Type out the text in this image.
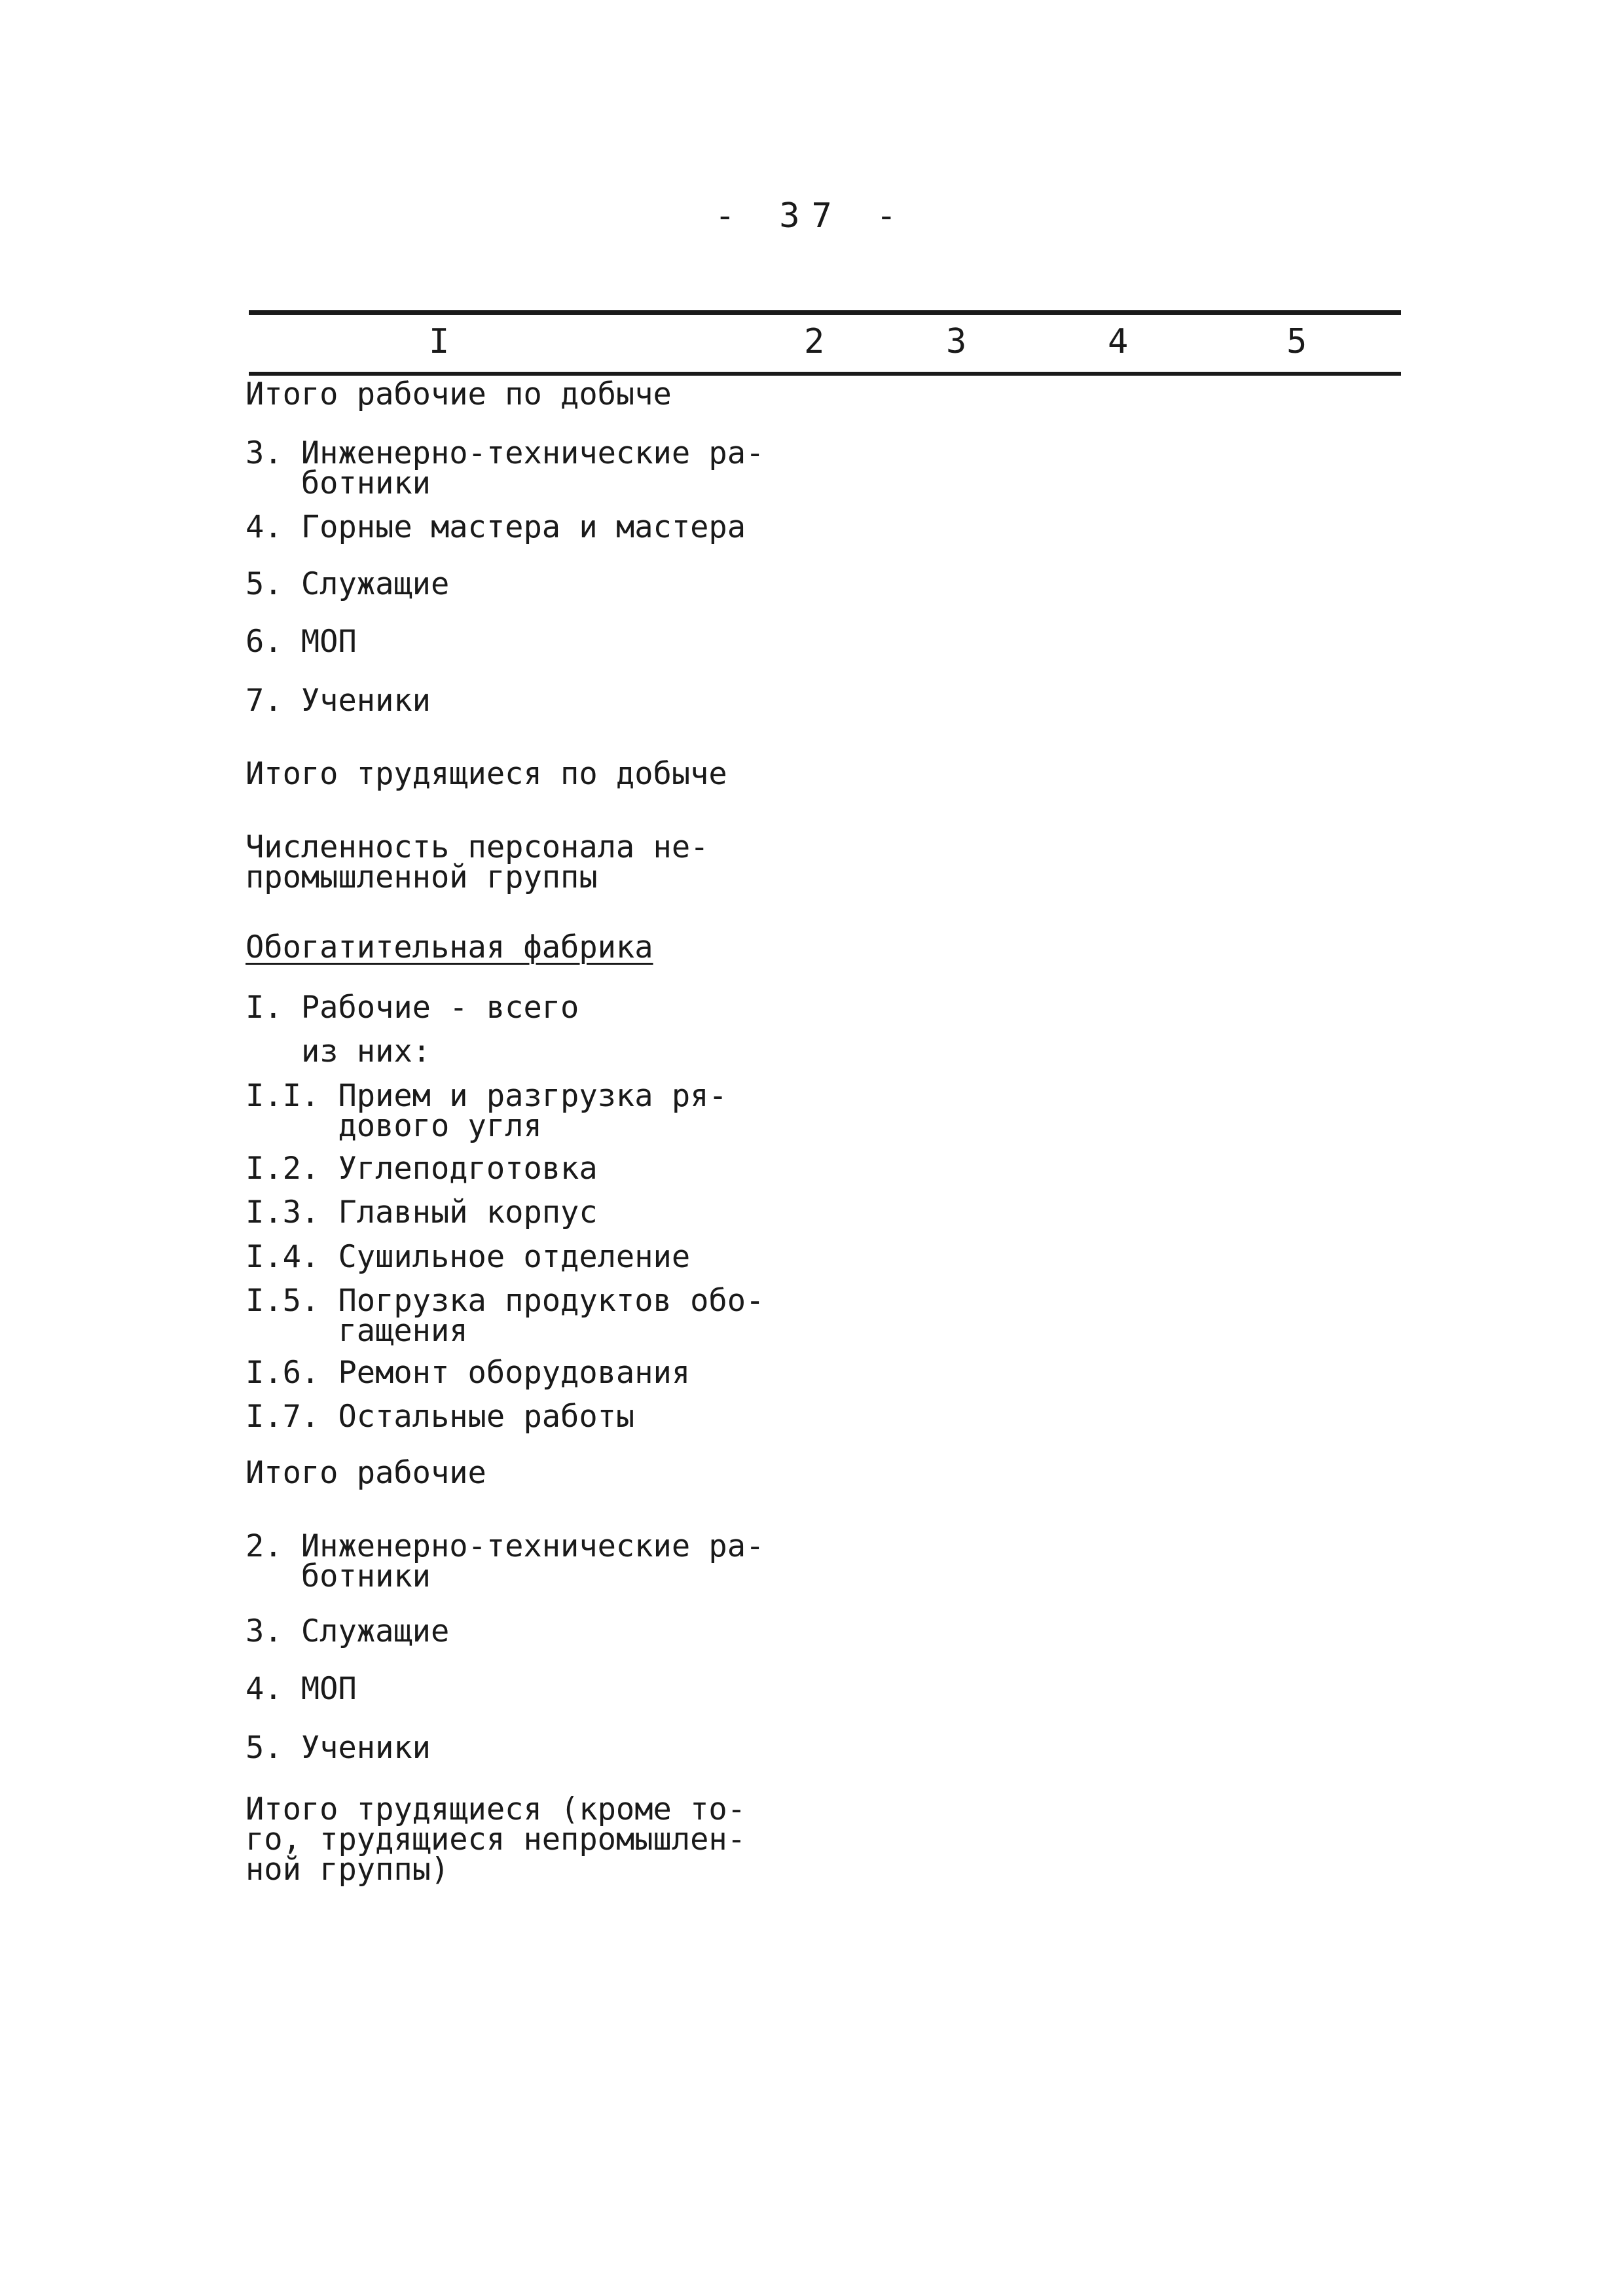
- 37 -
I	2	3	4	5
Итого рабочие по добыче
3. Инженерно-технические ра-
ботники
4. Горные мастера и мастера
5. Служащие
6. МОП
7. Ученики
Итого трудящиеся по добыче
Численность персонала не-
промышленной группы
Обогатительная фабрика
I. Рабочие - всего
из них:
I.I. Прием и разгрузка ря-
дового угля
I.2. Углеподготовка
I.3. Главный корпус
I.4. Сушильное отделение
I.5. Погрузка продуктов обо-
гащения
I.6. Ремонт оборудования
I.7. Остальные работы
Итого рабочие
2. Инженерно-технические ра-
ботники
3. Служащие
4. МОП
5. Ученики
Итого трудящиеся (кроме то-
го, трудящиеся непромышлен-
ной группы)
